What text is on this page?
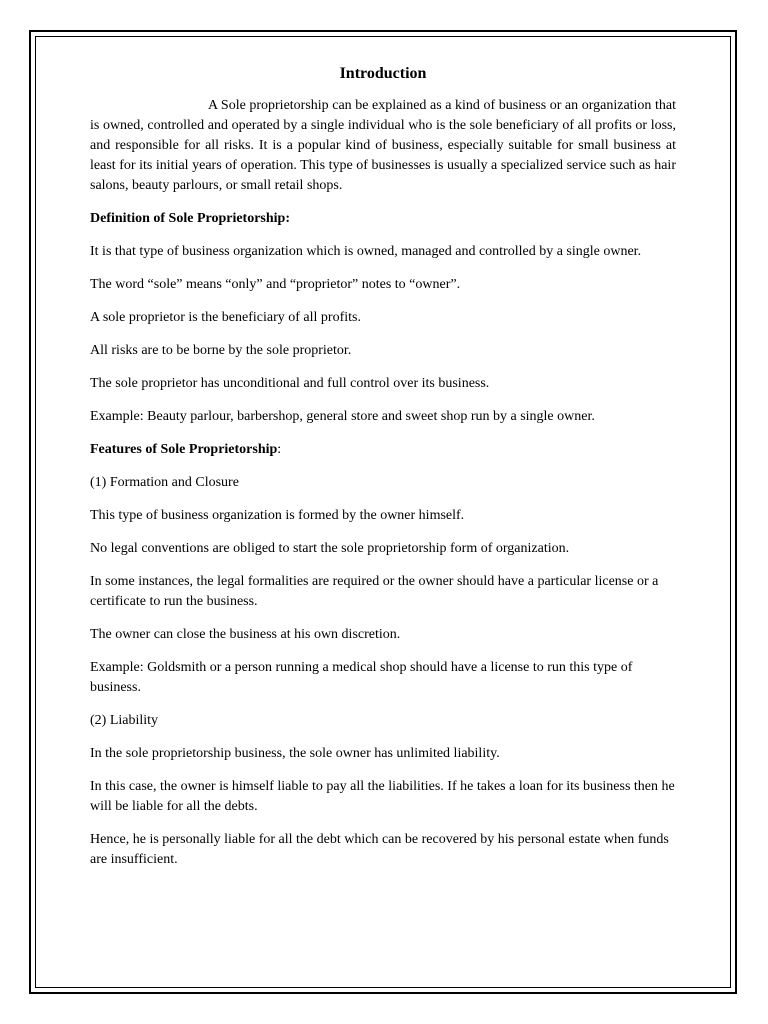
Introduction

A Sole proprietorship can be explained as a kind of business or an organization that is owned, controlled and operated by a single individual who is the sole beneficiary of all profits or loss, and responsible for all risks. It is a popular kind of business, especially suitable for small business at least for its initial years of operation. This type of businesses is usually a specialized service such as hair salons, beauty parlours, or small retail shops.

Definition of Sole Proprietorship:

It is that type of business organization which is owned, managed and controlled by a single owner.

The word “sole” means “only” and “proprietor” notes to “owner”.

A sole proprietor is the beneficiary of all profits.

All risks are to be borne by the sole proprietor.

The sole proprietor has unconditional and full control over its business.

Example: Beauty parlour, barbershop, general store and sweet shop run by a single owner.

Features of Sole Proprietorship:

(1) Formation and Closure

This type of business organization is formed by the owner himself.

No legal conventions are obliged to start the sole proprietorship form of organization.

In some instances, the legal formalities are required or the owner should have a particular license or a certificate to run the business.

The owner can close the business at his own discretion.

Example: Goldsmith or a person running a medical shop should have a license to run this type of business.

(2) Liability

In the sole proprietorship business, the sole owner has unlimited liability.

In this case, the owner is himself liable to pay all the liabilities. If he takes a loan for its business then he will be liable for all the debts.

Hence, he is personally liable for all the debt which can be recovered by his personal estate when funds are insufficient.
